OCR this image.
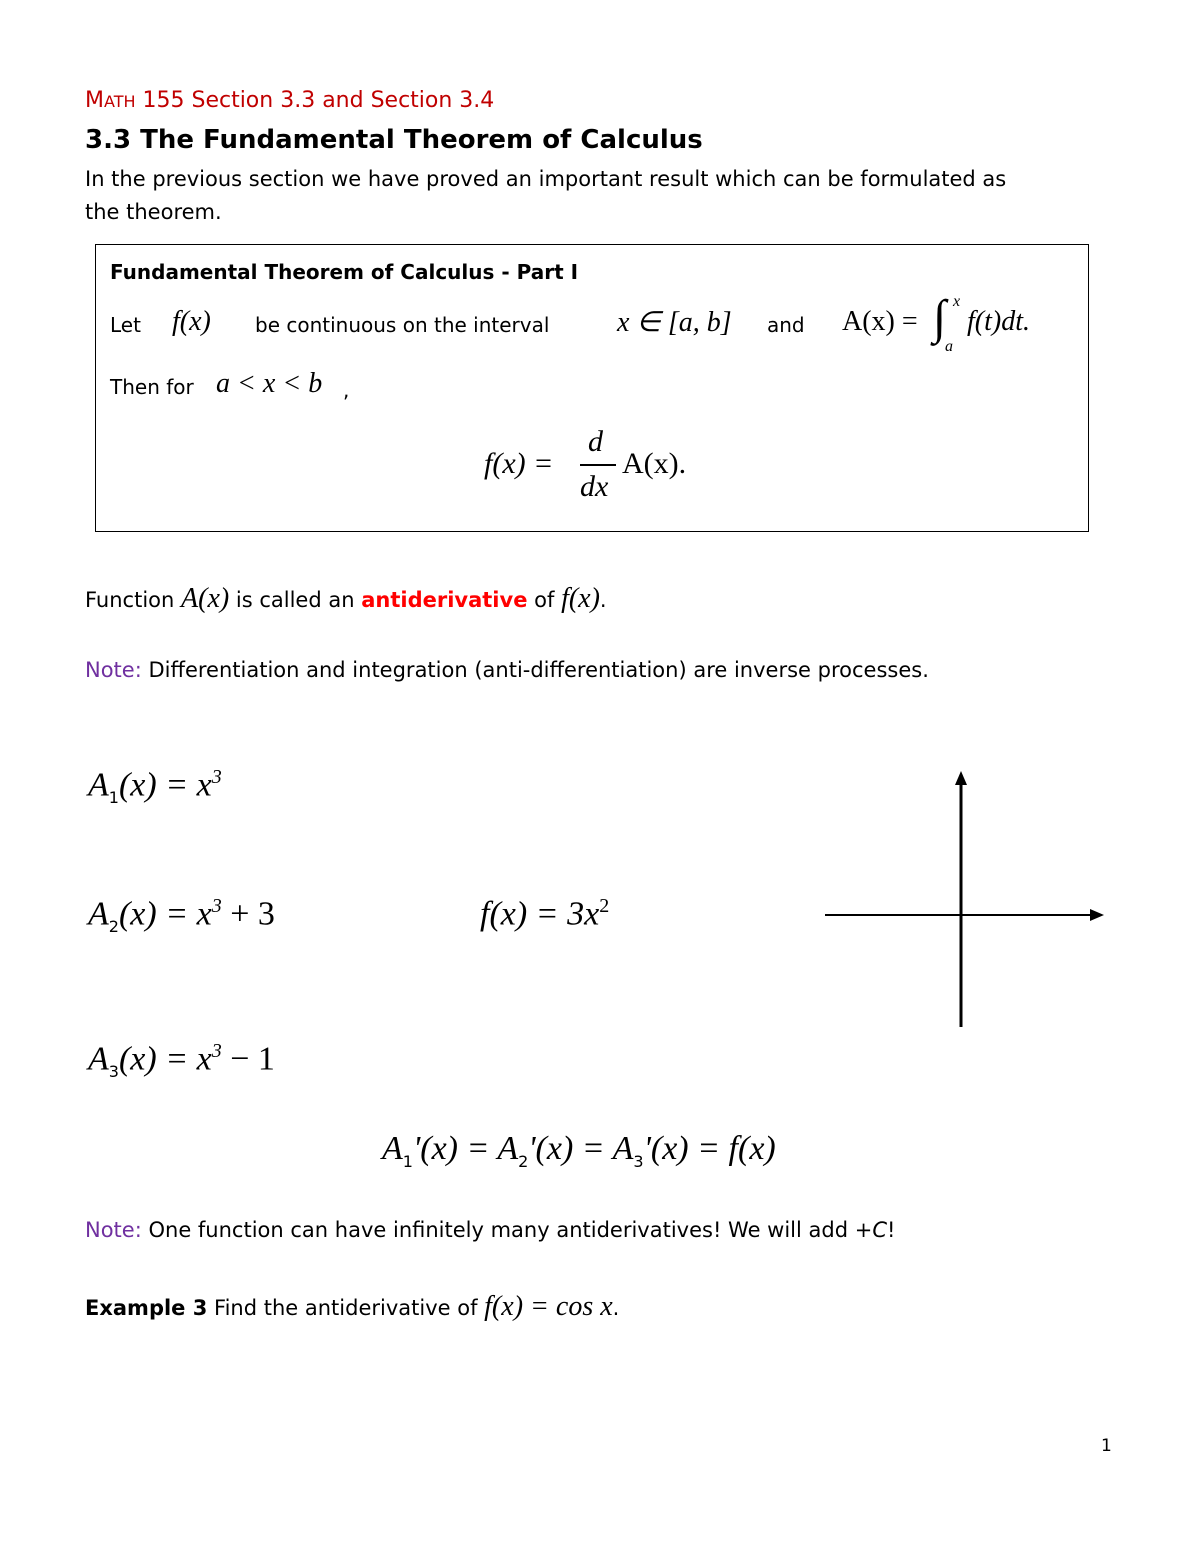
MATH 155 Section 3.3 and Section 3.4
3.3 The Fundamental Theorem of Calculus
In the previous section we have proved an important result which can be formulated as
the theorem.
Fundamental Theorem of Calculus - Part I
Let f(x) be continuous on the interval x ∈ [a, b] and A(x) = ∫ x
a
f(t)dt.
Then for a < x < b ,
f(x) =
d
dx
A(x).
Function A(x) is called an antiderivative of f(x).
Note: Differentiation and integration (anti-differentiation) are inverse processes.
$A_1(x) = x^3$
$A_2(x) = x^3 + 3$	$f(x) = 3x^2$
$A_3(x) = x^3 - 1$
$A_1'(x) = A_2'(x) = A_3'(x) = f(x)$
Note: One function can have infinitely many antiderivatives! We will add +C!
Example 3 Find the antiderivative of f(x) = cos x.
1
